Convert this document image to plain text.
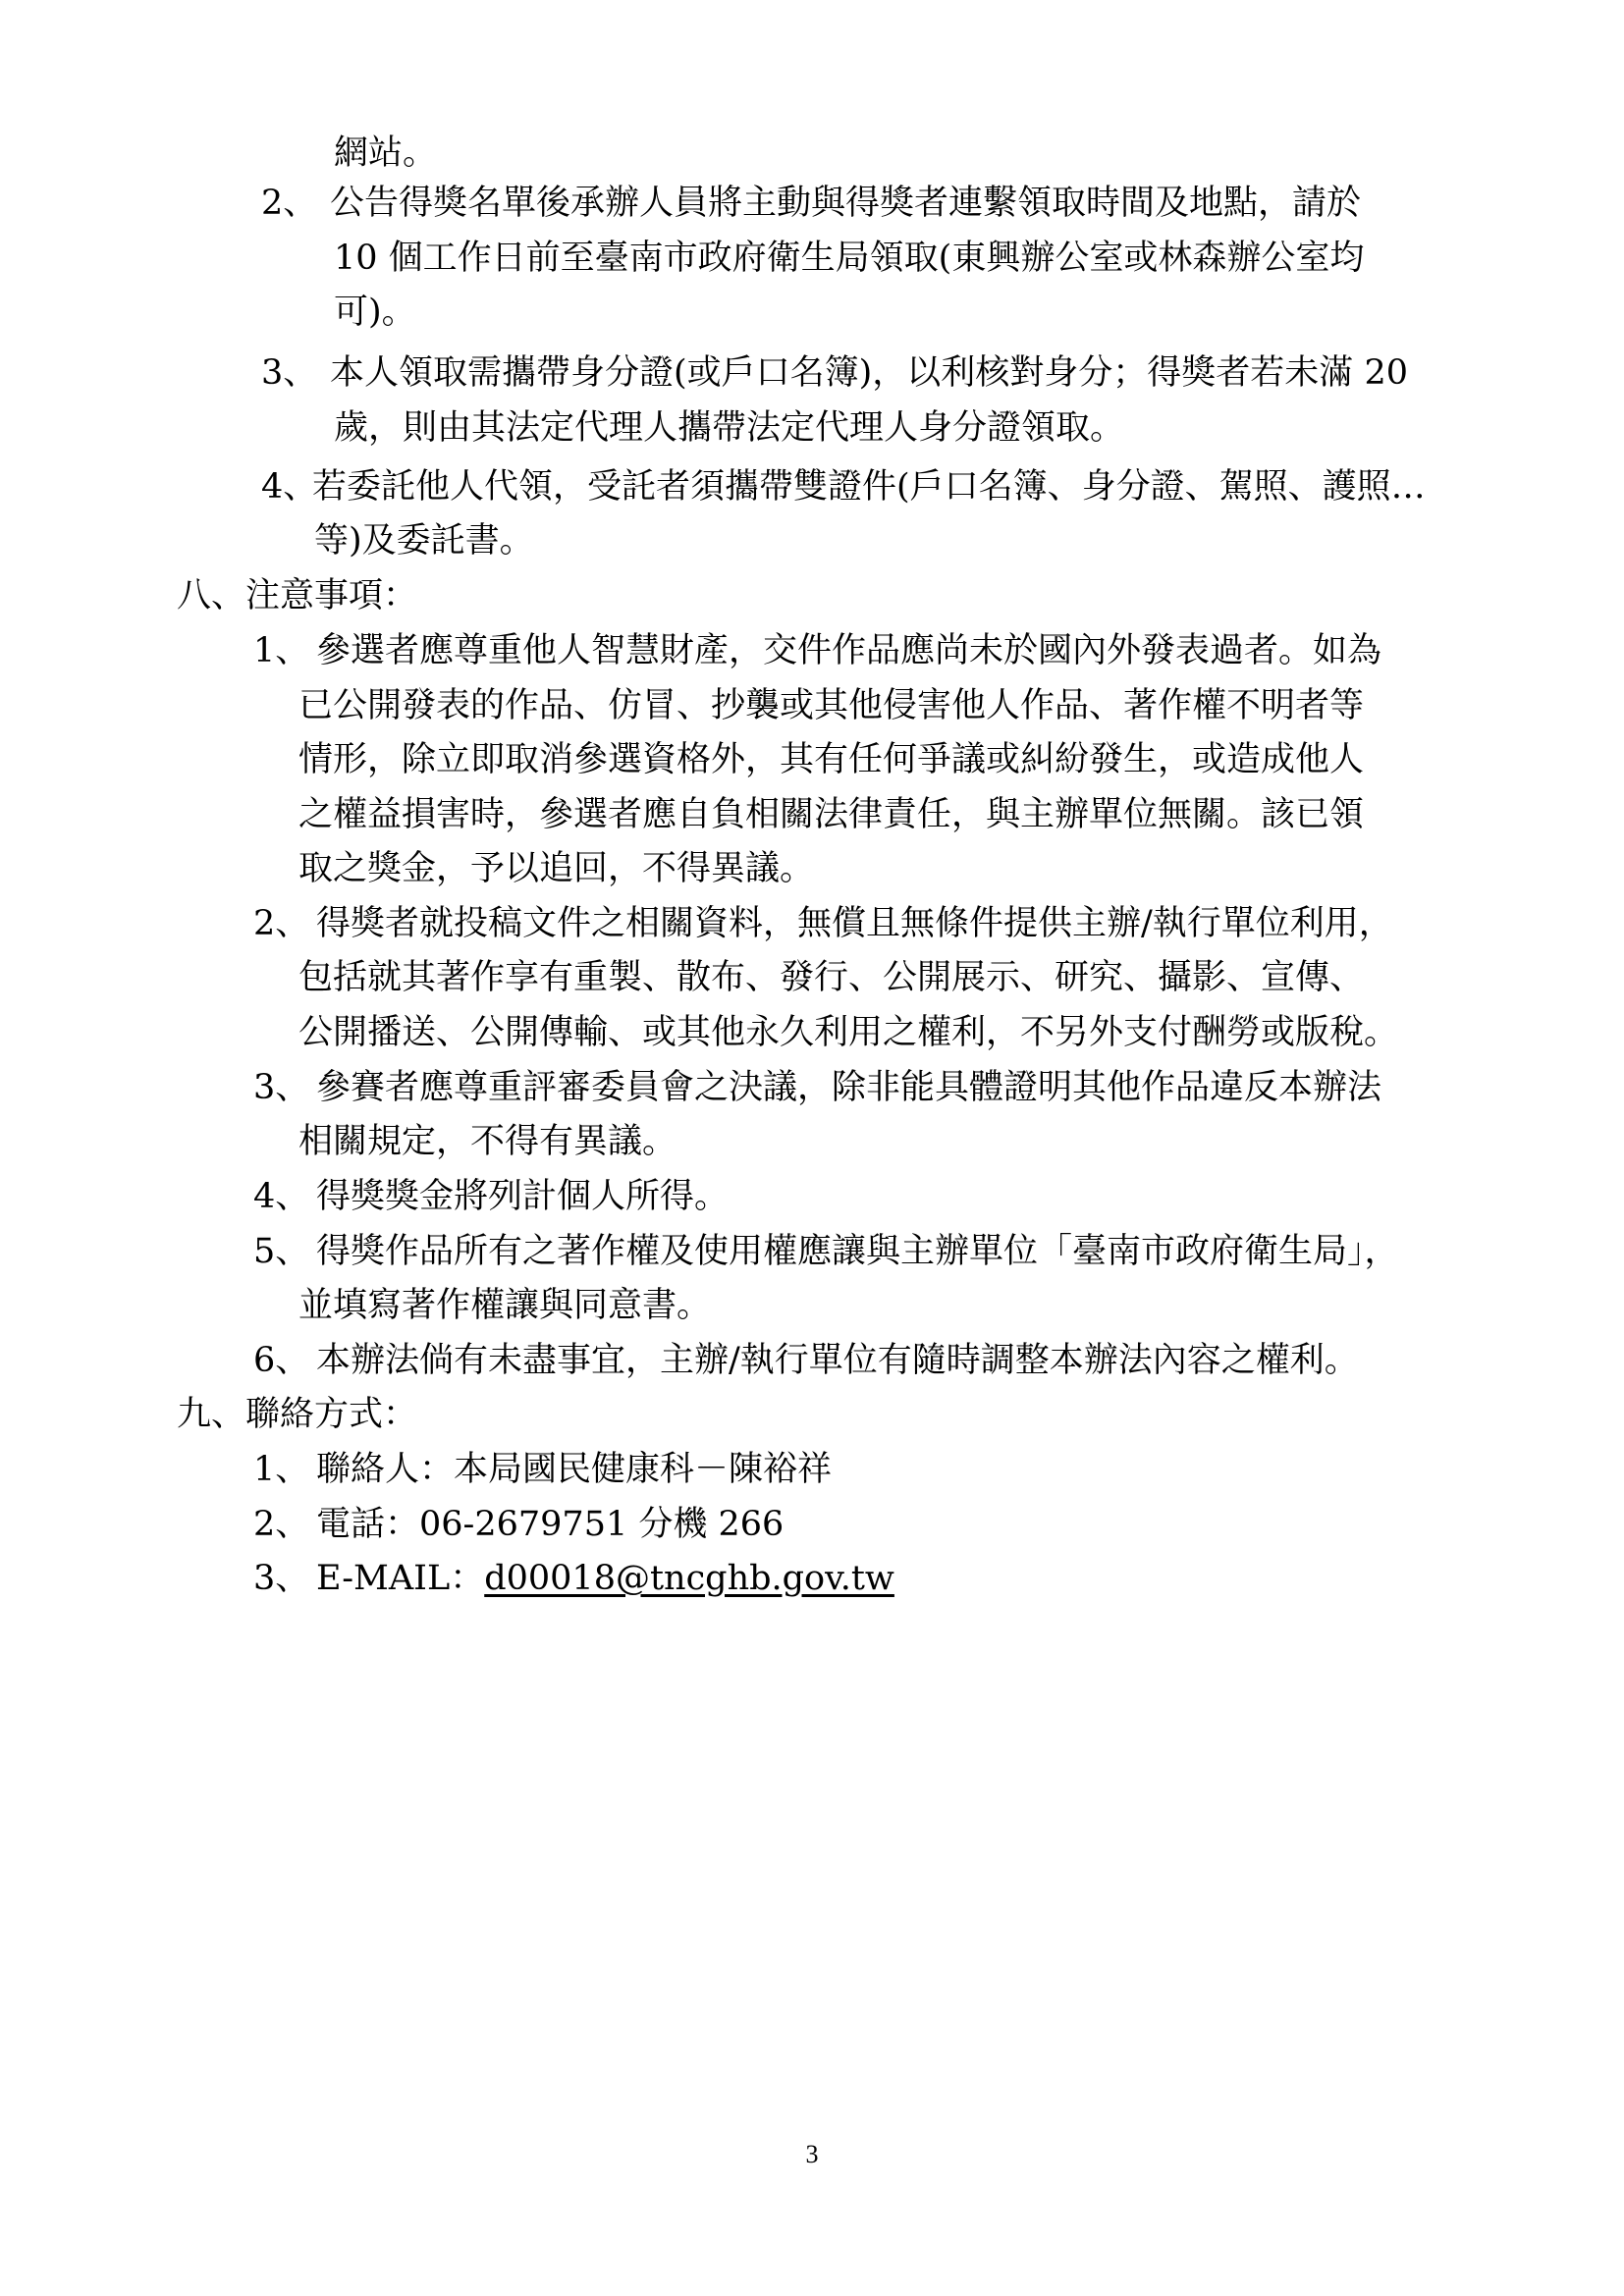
網站。
2、 公告得獎名單後承辦人員將主動與得獎者連繫領取時間及地點，請於
10 個工作日前至臺南市政府衛生局領取(東興辦公室或林森辦公室均
可)。
3、 本人領取需攜帶身分證(或戶口名簿)，以利核對身分；得獎者若未滿 20
歲，則由其法定代理人攜帶法定代理人身分證領取。
4、
若委託他人代領，受託者須攜帶雙證件(戶口名簿、身分證、駕照、護照…
等)及委託書。
八、注意事項：
1、 參選者應尊重他人智慧財產，交件作品應尚未於國內外發表過者。如為
已公開發表的作品、仿冒、抄襲或其他侵害他人作品、著作權不明者等
情形，除立即取消參選資格外，其有任何爭議或糾紛發生，或造成他人
之權益損害時，參選者應自負相關法律責任，與主辦單位無關。該已領
取之獎金，予以追回，不得異議。
2、 得獎者就投稿文件之相關資料，無償且無條件提供主辦/執行單位利用，
包括就其著作享有重製、散布、發行、公開展示、研究、攝影、宣傳、
公開播送、公開傳輸、或其他永久利用之權利，不另外支付酬勞或版稅。
3、 參賽者應尊重評審委員會之決議，除非能具體證明其他作品違反本辦法
相關規定，不得有異議。
4、 得獎獎金將列計個人所得。
5、 得獎作品所有之著作權及使用權應讓與主辦單位「臺南市政府衛生局」，
並填寫著作權讓與同意書。
6、 本辦法倘有未盡事宜，主辦/執行單位有隨時調整本辦法內容之權利。
九、聯絡方式：
1、 聯絡人：本局國民健康科－陳裕祥
2、 電話：06-2679751 分機 266
3、 E-MAIL：d00018@tncghb.gov.tw
3
